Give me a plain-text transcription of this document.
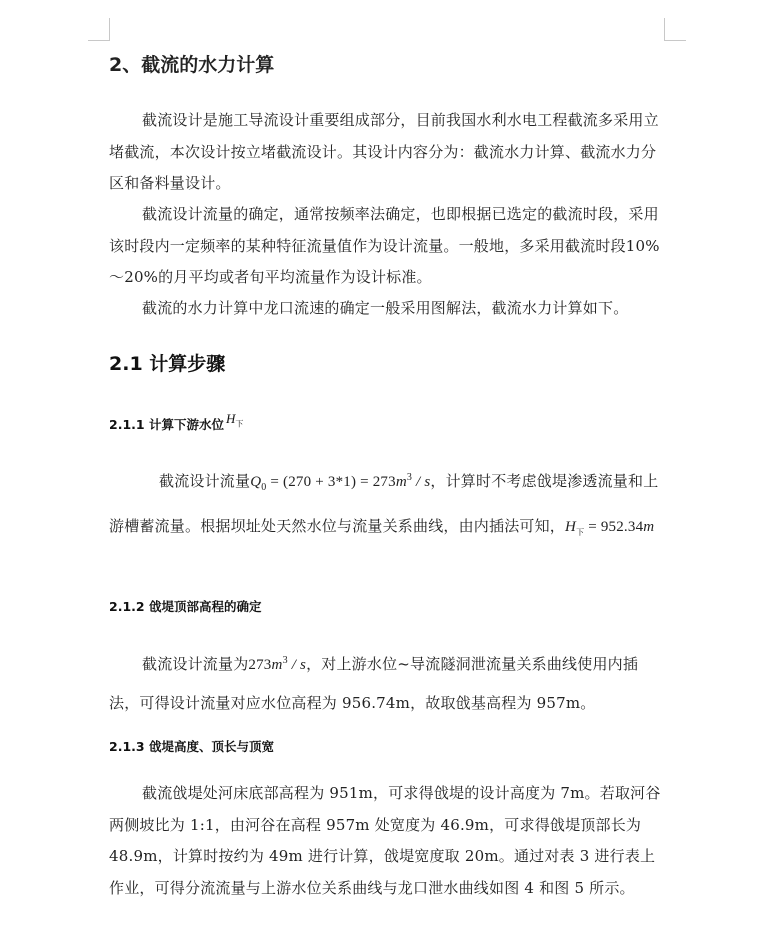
2、截流的水力计算

截流设计是施工导流设计重要组成部分，目前我国水利水电工程截流多采用立堵截流，本次设计按立堵截流设计。其设计内容分为：截流水力计算、截流水力分区和备料量设计。

截流设计流量的确定，通常按频率法确定，也即根据已选定的截流时段，采用该时段内一定频率的某种特征流量值作为设计流量。一般地，多采用截流时段10%～20%的月平均或者旬平均流量作为设计标准。

截流的水力计算中龙口流速的确定一般采用图解法，截流水力计算如下。

2.1 计算步骤
2.1.1 计算下游水位 $H_下$

截流设计流量$Q_0 = (270 + 3*1) = 273m^3 / s$，计算时不考虑戗堤渗透流量和上游槽蓄流量。根据坝址处天然水位与流量关系曲线，由内插法可知，$H_下 = 952.34m$

2.1.2 戗堤顶部高程的确定

截流设计流量为$273m^3$ / s，对上游水位~导流隧洞泄流量关系曲线使用内插法，可得设计流量对应水位高程为 956.74m，故取戗基高程为 957m。

2.1.3 戗堤高度、顶长与顶宽

截流戗堤处河床底部高程为 951m，可求得戗堤的设计高度为 7m。若取河谷两侧坡比为 1:1，由河谷在高程 957m 处宽度为 46.9m，可求得戗堤顶部长为 48.9m，计算时按约为 49m 进行计算，戗堤宽度取 20m。通过对表 3 进行表上作业，可得分流流量与上游水位关系曲线与龙口泄水曲线如图 4 和图 5 所示。
